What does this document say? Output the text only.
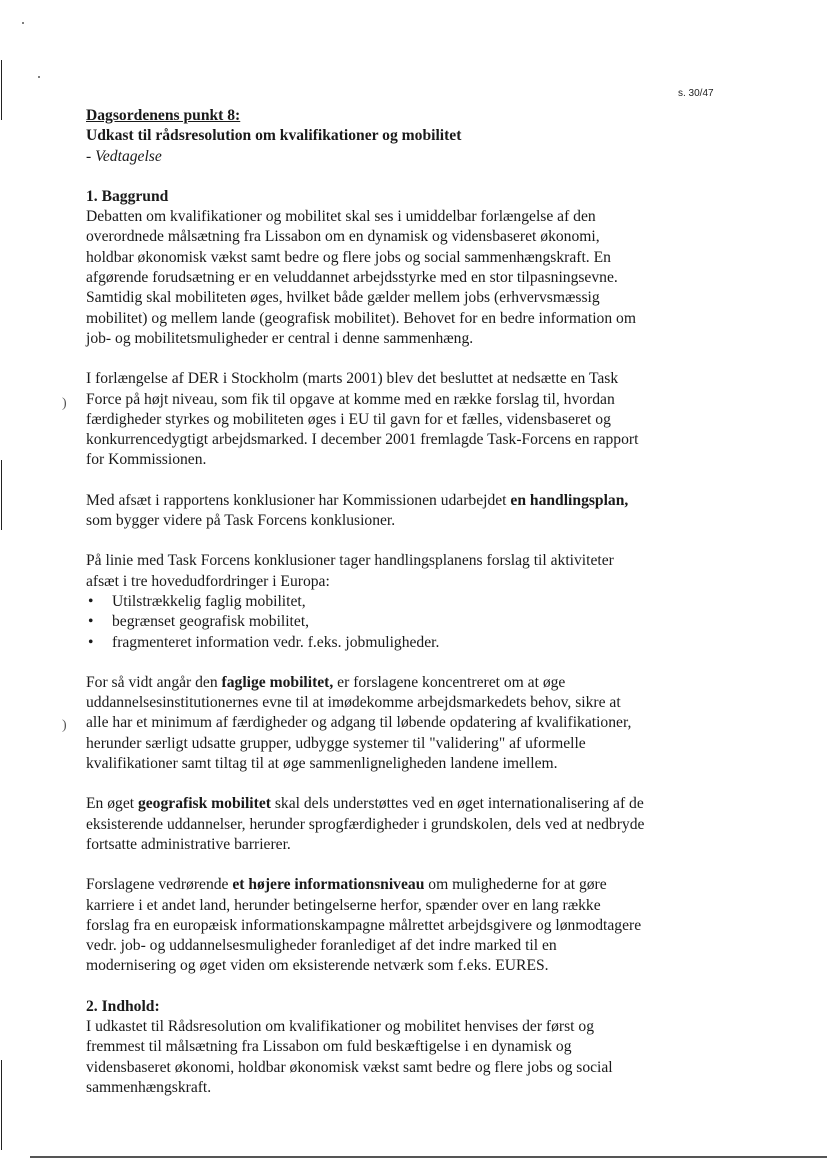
)
)
s. 30/47

Dagsordenens punkt 8:

Udkast til rådsresolution om kvalifikationer og mobilitet

- Vedtagelse

1. Baggrund

Debatten om kvalifikationer og mobilitet skal ses i umiddelbar forlængelse af den overordnede målsætning fra Lissabon om en dynamisk og vidensbaseret økonomi, holdbar økonomisk vækst samt bedre og flere jobs og social sammenhængskraft. En afgørende forudsætning er en veluddannet arbejdsstyrke med en stor tilpasningsevne. Samtidig skal mobiliteten øges, hvilket både gælder mellem jobs (erhvervsmæssig mobilitet) og mellem lande (geografisk mobilitet). Behovet for en bedre information om job- og mobilitetsmuligheder er central i denne sammenhæng.

I forlængelse af DER i Stockholm (marts 2001) blev det besluttet at nedsætte en Task Force på højt niveau, som fik til opgave at komme med en række forslag til, hvordan færdigheder styrkes og mobiliteten øges i EU til gavn for et fælles, vidensbaseret og konkurrencedygtigt arbejdsmarked. I december 2001 fremlagde Task-Forcens en rapport for Kommissionen.

Med afsæt i rapportens konklusioner har Kommissionen udarbejdet en handlingsplan, som bygger videre på Task Forcens konklusioner.

På linie med Task Forcens konklusioner tager handlingsplanens forslag til aktiviteter afsæt i tre hovedudfordringer i Europa:

• Utilstrækkelig faglig mobilitet,
• begrænset geografisk mobilitet,
• fragmenteret information vedr. f.eks. jobmuligheder.

For så vidt angår den faglige mobilitet, er forslagene koncentreret om at øge uddannelsesinstitutionernes evne til at imødekomme arbejdsmarkedets behov, sikre at alle har et minimum af færdigheder og adgang til løbende opdatering af kvalifikationer, herunder særligt udsatte grupper, udbygge systemer til "validering" af uformelle kvalifikationer samt tiltag til at øge sammenligneligheden landene imellem.

En øget geografisk mobilitet skal dels understøttes ved en øget internationalisering af de eksisterende uddannelser, herunder sprogfærdigheder i grundskolen, dels ved at nedbryde fortsatte administrative barrierer.

Forslagene vedrørende et højere informationsniveau om mulighederne for at gøre karriere i et andet land, herunder betingelserne herfor, spænder over en lang række forslag fra en europæisk informationskampagne målrettet arbejdsgivere og lønmodtagere vedr. job- og uddannelsesmuligheder foranlediget af det indre marked til en modernisering og øget viden om eksisterende netværk som f.eks. EURES.

2. Indhold:

I udkastet til Rådsresolution om kvalifikationer og mobilitet henvises der først og fremmest til målsætning fra Lissabon om fuld beskæftigelse i en dynamisk og vidensbaseret økonomi, holdbar økonomisk vækst samt bedre og flere jobs og social sammenhængskraft.
